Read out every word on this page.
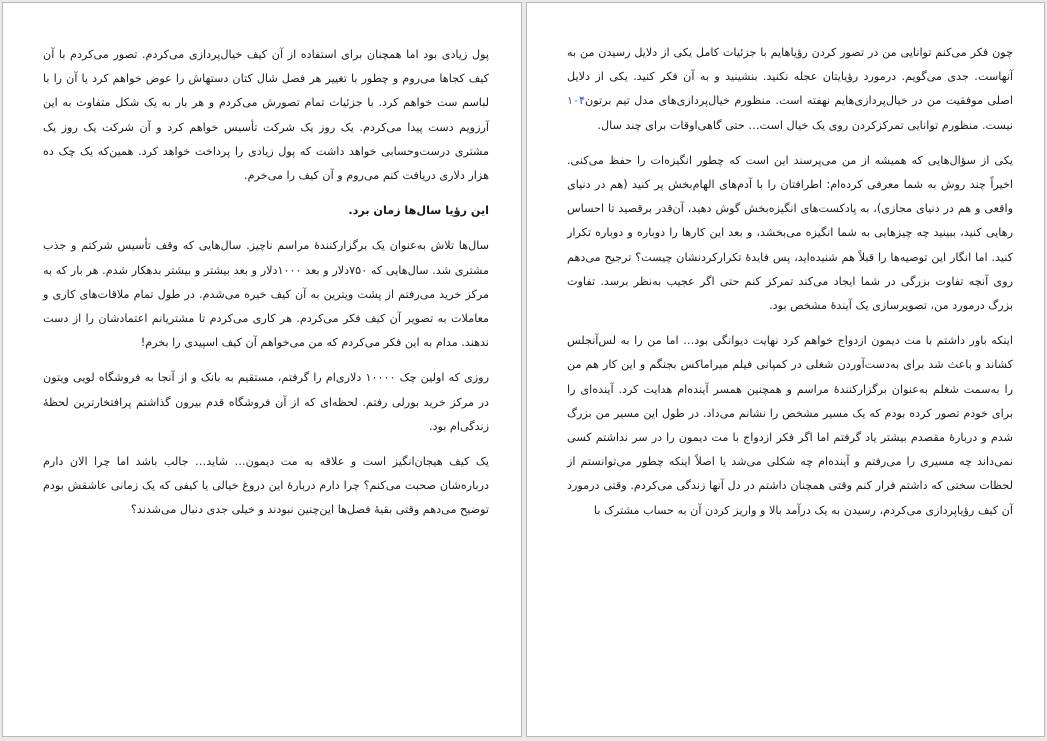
پول زیادی بود اما همچنان برای استفاده از آن کیف خیال‌پردازی می‌کردم. تصور می‌کردم با آن کیف کجاها می‌روم و چطور با تغییر هر فصل شال کتان دستهاش را عوض خواهم کرد یا آن را با لباسم ست خواهم کرد. با جزئیات تمام تصورش می‌کردم و هر بار به یک شکل متفاوت به این آرزویم دست پیدا می‌کردم. یک روز یک شرکت تأسیس خواهم کرد و آن شرکت یک روز یک مشتری درست‌وحسابی خواهد داشت که پول زیادی را پرداخت خواهد کرد. همین‌که یک چک ده هزار دلاری دریافت کنم می‌روم و آن کیف را می‌خرم.

این رؤیا سال‌ها زمان برد.

سال‌ها تلاش به‌عنوان یک برگزارکنندهٔ مراسم ناچیز. سال‌هایی که وقف تأسیس شرکتم و جذب مشتری شد. سال‌هایی که ۷۵۰دلار و بعد ۱۰۰۰دلار و بعد بیشتر و بیشتر بدهکار شدم. هر بار که به مرکز خرید می‌رفتم از پشت ویترین به آن کیف خیره می‌شدم. در طول تمام ملاقات‌های کاری و معاملات به تصویر آن کیف فکر می‌کردم. هر کاری می‌کردم تا مشتریانم اعتمادشان را از دست ندهند. مدام به این فکر می‌کردم که من می‌خواهم آن کیف اسپیدی را بخرم!

روزی که اولین چک ۱۰۰۰۰ دلاری‌ام را گرفتم، مستقیم به بانک و از آنجا به فروشگاه لویی ویتون در مرکز خرید بورلی رفتم. لحظه‌ای که از آن فروشگاه قدم بیرون گذاشتم پرافتخارترین لحظهٔ زندگی‌ام بود.

یک کیف هیجان‌انگیز است و علاقه به مت دیمون… شاید… جالب باشد اما چرا الان دارم درباره‌شان صحبت می‌کنم؟ چرا دارم دربارهٔ این دروغ خیالی یا کیفی که یک زمانی عاشقش بودم توضیح می‌دهم وقتی بقیهٔ فصل‌ها این‌چنین نبودند و خیلی جدی دنبال می‌شدند؟

چون فکر می‌کنم توانایی من در تصور کردن رؤیاهایم با جزئیات کامل یکی از دلایل رسیدن من به آنهاست. جدی می‌گویم. درمورد رؤیایتان عجله نکنید. بنشینید و به آن فکر کنید. یکی از دلایل اصلی موفقیت من در خیال‌پردازی‌هایم نهفته است. منظورم خیال‌پردازی‌های مدل تیم برتون۱۰۴ نیست. منظورم توانایی تمرکزکردن روی یک خیال است… حتی گاهی‌اوقات برای چند سال.

یکی از سؤال‌هایی که همیشه از من می‌پرسند این است که چطور انگیزه‌ات را حفظ می‌کنی. اخیراً چند روش به شما معرفی کرده‌ام: اطرافتان را با آدم‌های الهام‌بخش پر کنید (هم در دنیای واقعی و هم در دنیای مجازی)، به پادکست‌های انگیزه‌بخش گوش دهید، آن‌قدر برقصید تا احساس رهایی کنید، ببینید چه چیزهایی به شما انگیزه می‌بخشد، و بعد این کارها را دوباره و دوباره تکرار کنید. اما انگار این توصیه‌ها را قبلاً هم شنیده‌اید، پس فایدهٔ تکرارکردنشان چیست؟ ترجیح می‌دهم روی آنچه تفاوت بزرگی در شما ایجاد می‌کند تمرکز کنم حتی اگر عجیب به‌نظر برسد. تفاوت بزرگ درمورد من، تصویرسازی یک آیندهٔ مشخص بود.

اینکه باور داشتم با مت دیمون ازدواج خواهم کرد نهایت دیوانگی بود… اما من را به لس‌آنجلس کشاند و باعث شد برای به‌دست‌آوردن شغلی در کمپانی فیلم میراماکس بجنگم و این کار هم من را به‌سمت شغلم به‌عنوان برگزارکنندهٔ مراسم و همچنین همسر آینده‌ام هدایت کرد. آینده‌ای را برای خودم تصور کرده بودم که یک مسیر مشخص را نشانم می‌داد. در طول این مسیر من بزرگ شدم و دربارهٔ مقصدم بیشتر یاد گرفتم اما اگر فکر ازدواج با مت دیمون را در سر نداشتم کسی نمی‌داند چه مسیری را می‌رفتم و آینده‌ام چه شکلی می‌شد یا اصلاً اینکه چطور می‌توانستم از لحظات سختی که داشتم فرار کنم وقتی همچنان داشتم در دل آنها زندگی می‌کردم. وقتی درمورد آن کیف رؤیاپردازی می‌کردم، رسیدن به یک درآمد بالا و واریز کردن آن به حساب مشترک با
